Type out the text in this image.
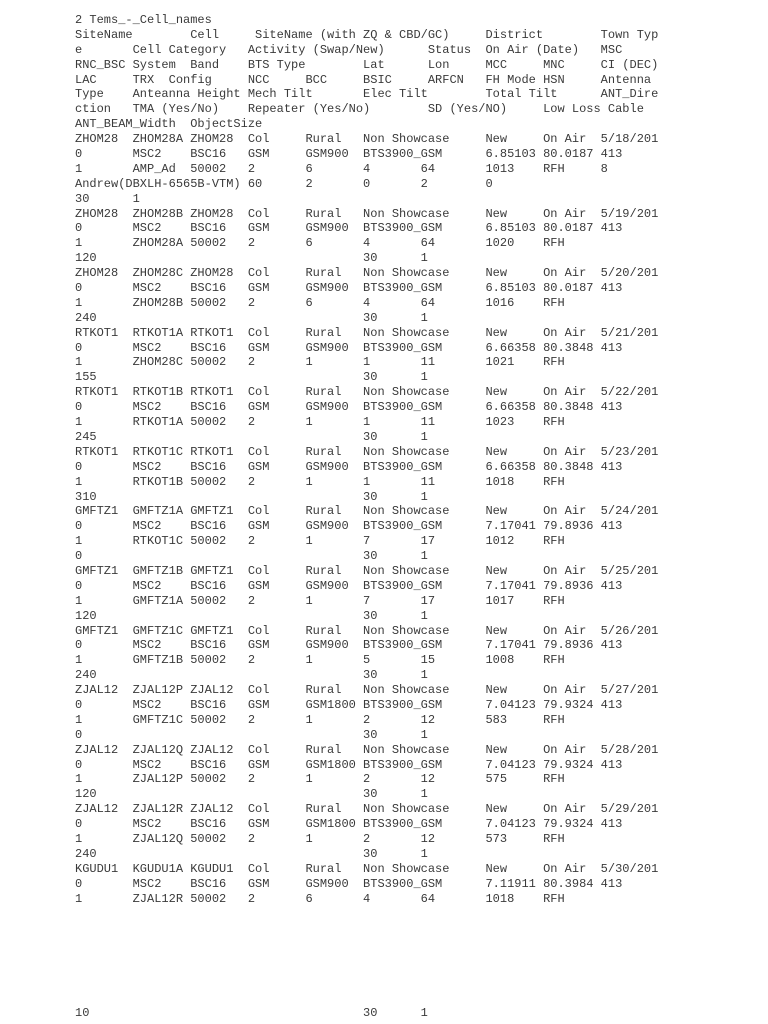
2 Tems_-_Cell_names
SiteName        Cell     SiteName (with ZQ & CBD/GC)     District        Town Typ
e       Cell Category   Activity (Swap/New)      Status  On Air (Date)   MSC
RNC_BSC System  Band    BTS Type        Lat      Lon     MCC     MNC     CI (DEC)
LAC     TRX  Config     NCC     BCC     BSIC     ARFCN   FH Mode HSN     Antenna
Type    Anteanna Height Mech Tilt       Elec Tilt        Total Tilt      ANT_Dire
ction   TMA (Yes/No)    Repeater (Yes/No)        SD (Yes/NO)     Low Loss Cable
ANT_BEAM_Width  ObjectSize
ZHOM28  ZHOM28A ZHOM28  Col     Rural   Non Showcase     New     On Air  5/18/201
0       MSC2    BSC16   GSM     GSM900  BTS3900_GSM      6.85103 80.0187 413
1       AMP_Ad  50002   2       6       4       64       1013    RFH     8
Andrew(DBXLH-6565B-VTM) 60      2       0       2        0
30      1
ZHOM28  ZHOM28B ZHOM28  Col     Rural   Non Showcase     New     On Air  5/19/201
0       MSC2    BSC16   GSM     GSM900  BTS3900_GSM      6.85103 80.0187 413
1       ZHOM28A 50002   2       6       4       64       1020    RFH
120                                     30      1
ZHOM28  ZHOM28C ZHOM28  Col     Rural   Non Showcase     New     On Air  5/20/201
0       MSC2    BSC16   GSM     GSM900  BTS3900_GSM      6.85103 80.0187 413
1       ZHOM28B 50002   2       6       4       64       1016    RFH
240                                     30      1
RTKOT1  RTKOT1A RTKOT1  Col     Rural   Non Showcase     New     On Air  5/21/201
0       MSC2    BSC16   GSM     GSM900  BTS3900_GSM      6.66358 80.3848 413
1       ZHOM28C 50002   2       1       1       11       1021    RFH
155                                     30      1
RTKOT1  RTKOT1B RTKOT1  Col     Rural   Non Showcase     New     On Air  5/22/201
0       MSC2    BSC16   GSM     GSM900  BTS3900_GSM      6.66358 80.3848 413
1       RTKOT1A 50002   2       1       1       11       1023    RFH
245                                     30      1
RTKOT1  RTKOT1C RTKOT1  Col     Rural   Non Showcase     New     On Air  5/23/201
0       MSC2    BSC16   GSM     GSM900  BTS3900_GSM      6.66358 80.3848 413
1       RTKOT1B 50002   2       1       1       11       1018    RFH
310                                     30      1
GMFTZ1  GMFTZ1A GMFTZ1  Col     Rural   Non Showcase     New     On Air  5/24/201
0       MSC2    BSC16   GSM     GSM900  BTS3900_GSM      7.17041 79.8936 413
1       RTKOT1C 50002   2       1       7       17       1012    RFH
0                                       30      1
GMFTZ1  GMFTZ1B GMFTZ1  Col     Rural   Non Showcase     New     On Air  5/25/201
0       MSC2    BSC16   GSM     GSM900  BTS3900_GSM      7.17041 79.8936 413
1       GMFTZ1A 50002   2       1       7       17       1017    RFH
120                                     30      1
GMFTZ1  GMFTZ1C GMFTZ1  Col     Rural   Non Showcase     New     On Air  5/26/201
0       MSC2    BSC16   GSM     GSM900  BTS3900_GSM      7.17041 79.8936 413
1       GMFTZ1B 50002   2       1       5       15       1008    RFH
240                                     30      1
ZJAL12  ZJAL12P ZJAL12  Col     Rural   Non Showcase     New     On Air  5/27/201
0       MSC2    BSC16   GSM     GSM1800 BTS3900_GSM      7.04123 79.9324 413
1       GMFTZ1C 50002   2       1       2       12       583     RFH
0                                       30      1
ZJAL12  ZJAL12Q ZJAL12  Col     Rural   Non Showcase     New     On Air  5/28/201
0       MSC2    BSC16   GSM     GSM1800 BTS3900_GSM      7.04123 79.9324 413
1       ZJAL12P 50002   2       1       2       12       575     RFH
120                                     30      1
ZJAL12  ZJAL12R ZJAL12  Col     Rural   Non Showcase     New     On Air  5/29/201
0       MSC2    BSC16   GSM     GSM1800 BTS3900_GSM      7.04123 79.9324 413
1       ZJAL12Q 50002   2       1       2       12       573     RFH
240                                     30      1
KGUDU1  KGUDU1A KGUDU1  Col     Rural   Non Showcase     New     On Air  5/30/201
0       MSC2    BSC16   GSM     GSM900  BTS3900_GSM      7.11911 80.3984 413
1       ZJAL12R 50002   2       6       4       64       1018    RFH
10                                      30      1
